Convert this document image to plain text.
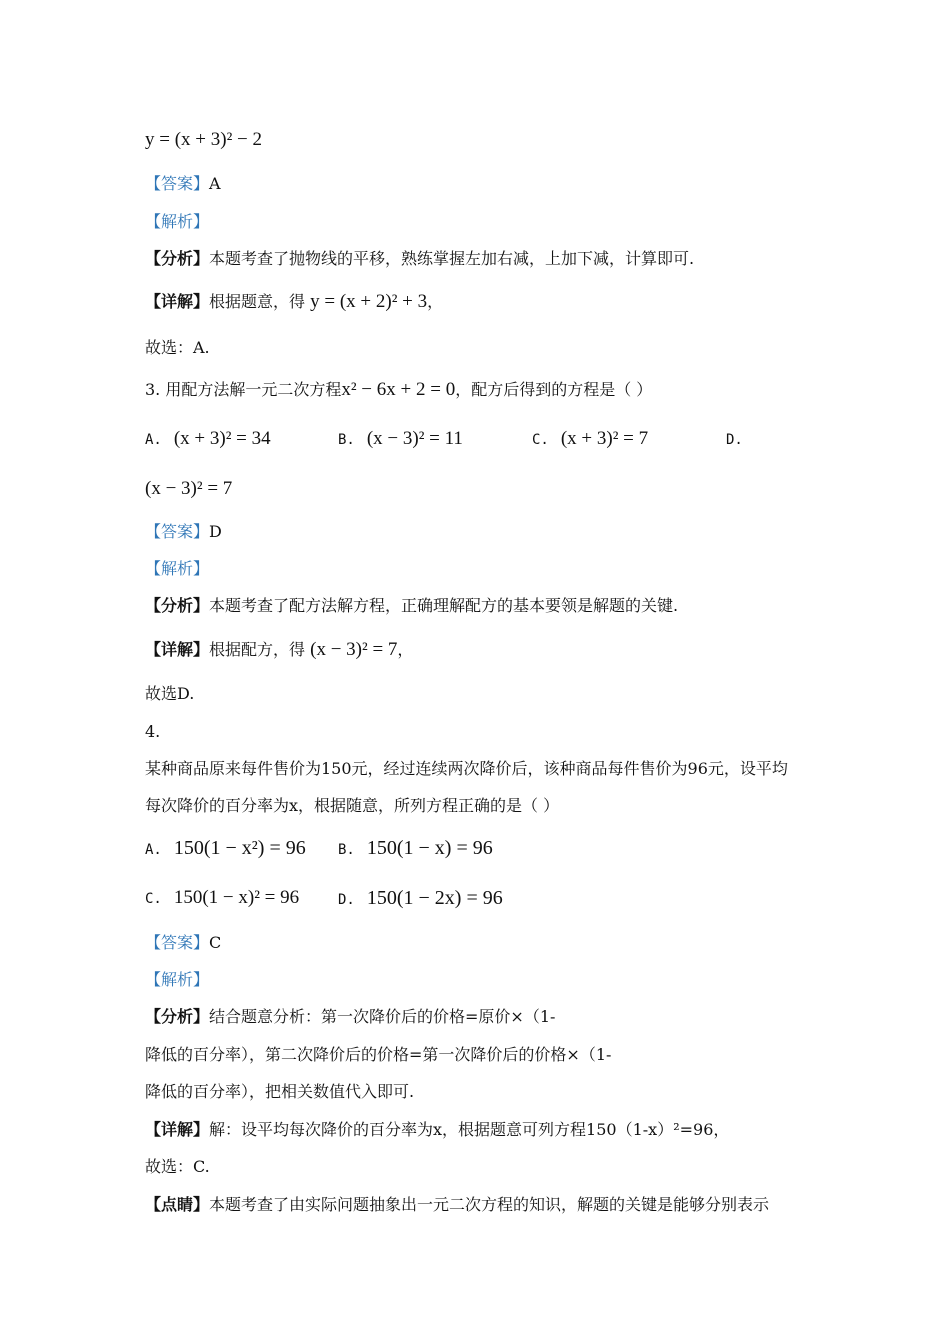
y = (x + 3)² − 2
【答案】A
【解析】
【分析】本题考查了抛物线的平移，熟练掌握左加右减，上加下减，计算即可.
【详解】根据题意，得 y = (x + 2)² + 3，
故选：A.
3. 用配方法解一元二次方程x² − 6x + 2 = 0，配方后得到的方程是（ ）
A. (x + 3)² = 34	B. (x − 3)² = 11	C. (x + 3)² = 7	D.
(x − 3)² = 7
【答案】D
【解析】
【分析】本题考查了配方法解方程，正确理解配方的基本要领是解题的关键.
【详解】根据配方，得 (x − 3)² = 7，
故选D.
4.
某种商品原来每件售价为150元，经过连续两次降价后，该种商品每件售价为96元，设平均
每次降价的百分率为x，根据随意，所列方程正确的是（ ）
A. 150(1 − x²) = 96 B. 150(1 − x) = 96
C. 150(1 − x)² = 96	D. 150(1 − 2x) = 96
【答案】C
【解析】
【分析】结合题意分析：第一次降价后的价格=原价×（1-
降低的百分率），第二次降价后的价格=第一次降价后的价格×（1-
降低的百分率），把相关数值代入即可.
【详解】解：设平均每次降价的百分率为x，根据题意可列方程150（1-x）²=96，
故选：C.
【点睛】本题考查了由实际问题抽象出一元二次方程的知识，解题的关键是能够分别表示
